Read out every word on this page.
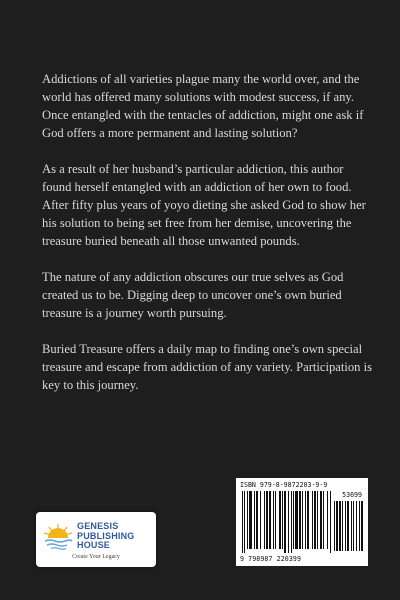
Addictions of all varieties plague many the world over, and the world has offered many solutions with modest success, if any. Once entangled with the tentacles of addiction, might one ask if God offers a more permanent and lasting solution?

As a result of her husband’s particular addiction, this author found herself entangled with an addiction of her own to food. After fifty plus years of yoyo dieting she asked God to show her his solution to being set free from her demise, uncovering the treasure buried beneath all those unwanted pounds.

The nature of any addiction obscures our true selves as God created us to be. Digging deep to uncover one’s own buried treasure is a journey worth pursuing.

Buried Treasure offers a daily map to finding one’s own special treasure and escape from addiction of any variety. Participation is key to this journey.

GENESIS
PUBLISHING
HOUSE
Create Your Legacy
ISBN 979-8-9872203-9-9
53699
9 798987 220399
